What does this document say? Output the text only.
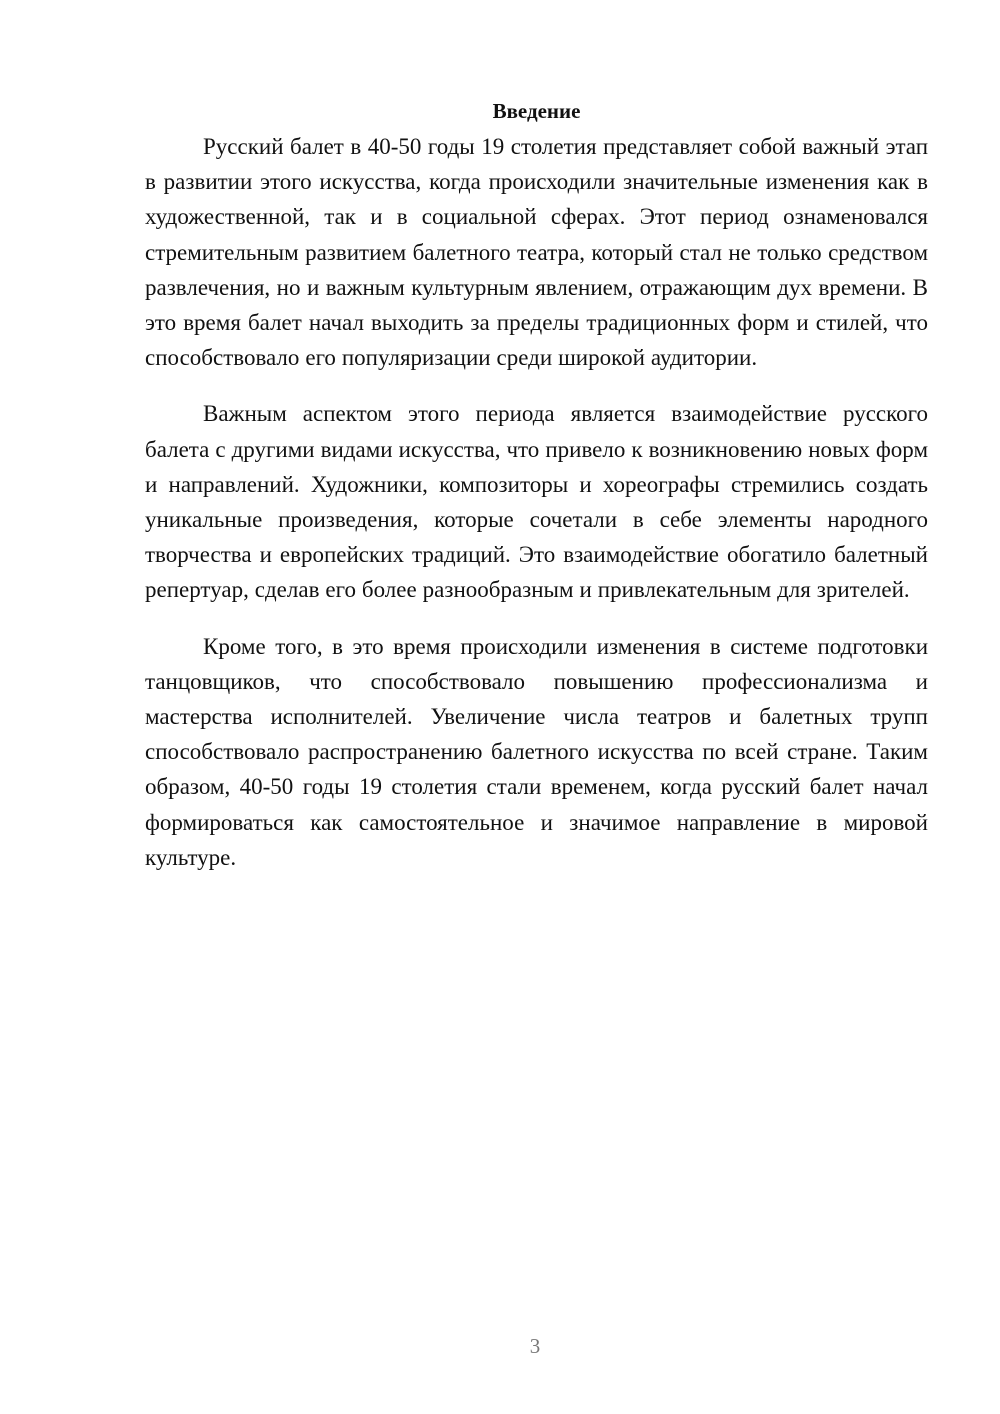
Введение

Русский балет в 40-50 годы 19 столетия представляет собой важный этап в развитии этого искусства, когда происходили значительные изменения как в художественной, так и в социальной сферах. Этот период ознаменовался стремительным развитием балетного театра, который стал не только средством развлечения, но и важным культурным явлением, отражающим дух времени. В это время балет начал выходить за пределы традиционных форм и стилей, что способствовало его популяризации среди широкой аудитории.

Важным аспектом этого периода является взаимодействие русского балета с другими видами искусства, что привело к возникновению новых форм и направлений. Художники, композиторы и хореографы стремились создать уникальные произведения, которые сочетали в себе элементы народного творчества и европейских традиций. Это взаимодействие обогатило балетный репертуар, сделав его более разнообразным и привлекательным для зрителей.

Кроме того, в это время происходили изменения в системе подготовки танцовщиков, что способствовало повышению профессионализма и мастерства исполнителей. Увеличение числа театров и балетных трупп способствовало распространению балетного искусства по всей стране. Таким образом, 40-50 годы 19 столетия стали временем, когда русский балет начал формироваться как самостоятельное и значимое направление в мировой культуре.

3
